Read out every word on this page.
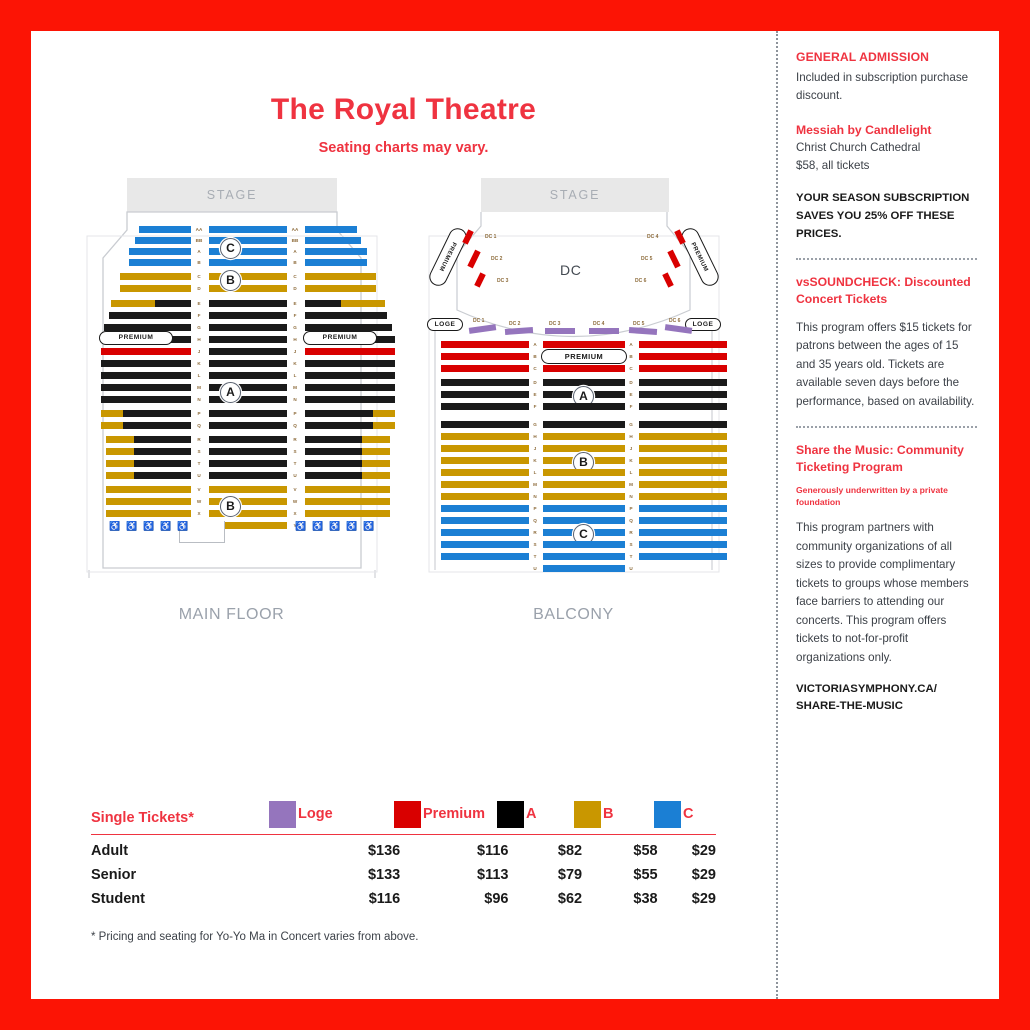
The Royal Theatre
Seating charts may vary.
STAGE
AA	AA
BB	BB
A	A
B	B
C
C	C
D	D
B
E	E
F	F
G	G
H	H
PREMIUM	PREMIUM
J	J
K	K
L	L
M	M
N	N
A
P	P
Q	Q
R	R
S	S
T	T
U	U
V	V
W	W
X	X
B
Y
♿
♿
♿
♿
♿
♿
♿
♿
♿
♿
MAIN FLOOR
STAGE
DC
PREMIUM
DC 1
DC 2
DC 3
PREMIUM
DC 4
DC 5
DC 6
LOGE	LOGE
DC 1	DC 2	DC 3	DC 4	DC 5	DC 6
A	A
B	B
PREMIUM
C	C
D	D
E	E
A
F	F
G	G
H	H
J	J
K	K
B
L	L
M	M
N	N
P	P
Q	Q
R	R
C
S	S
T	T
U	U
BALCONY
Single Tickets*	Loge	Premium	A	B	C
Adult	$136	$116	$82	$58	$29
Senior	$133	$113	$79	$55	$29
Student	$116	$96	$62	$38	$29
* Pricing and seating for Yo-Yo Ma in Concert varies from above.
GENERAL ADMISSION
Included in subscription purchase discount.
Messiah by Candlelight
Christ Church Cathedral
$58, all tickets
YOUR SEASON SUBSCRIPTION SAVES YOU 25% OFF THESE PRICES.
vsSOUNDCHECK: Discounted Concert Tickets
This program offers $15 tickets for patrons between the ages of 15 and 35 years old. Tickets are available seven days before the performance, based on availability.
Share the Music: Community Ticketing Program
Generously underwritten by a private foundation
This program partners with community organizations of all sizes to provide complimentary tickets to groups whose members face barriers to attending our concerts. This program offers tickets to not-for-profit organizations only.
VICTORIASYMPHONY.CA/ SHARE-THE-MUSIC
